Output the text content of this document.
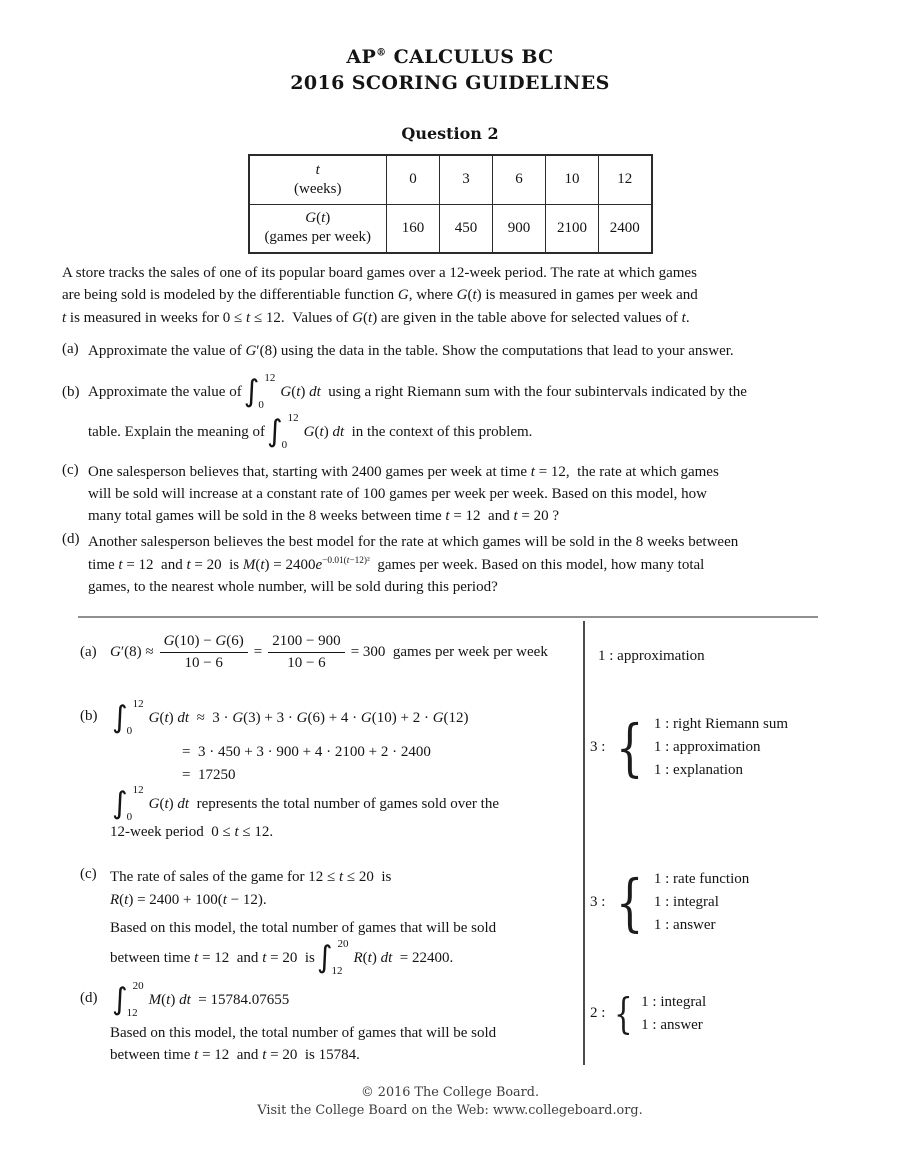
AP® CALCULUS BC
2016 SCORING GUIDELINES
Question 2
t
(weeks)	0	3	6	10	12

G(t)
(games per week)	160	450	900	2100	2400
A store tracks the sales of one of its popular board games over a 12-week period. The rate at which games
are being sold is modeled by the differentiable function G, where G(t) is measured in games per week and
t is measured in weeks for 0 ≤ t ≤ 12. Values of G(t) are given in the table above for selected values of t.
(a) Approximate the value of G′(8) using the data in the table. Show the computations that lead to your answer.
(b) Approximate the value of ∫ 12
0
G(t) dt using a right Riemann sum with the four subintervals indicated by the
table. Explain the meaning of ∫ 12
0
G(t) dt in the context of this problem.
(c) One salesperson believes that, starting with 2400 games per week at time t = 12, the rate at which games
will be sold will increase at a constant rate of 100 games per week per week. Based on this model, how
many total games will be sold in the 8 weeks between time t = 12 and t = 20 ?
(d) Another salesperson believes the best model for the rate at which games will be sold in the 8 weeks between
time t = 12 and t = 20 is $M(t) = 2400e^{-0.01(t-12)^2}$ games per week. Based on this model, how many total
games, to the nearest whole number, will be sold during this period?
(a) $G'(8) \approx \frac{G(10) - G(6)}{10 - 6} = \frac{2100 - 900}{10 - 6} = 300$ games per week per week
(b) ∫ 12
0
G(t) dt ≈ 3 · G(3) + 3 · G(6) + 4 · G(10) + 2 · G(12)
= 3 · 450 + 3 · 900 + 4 · 2100 + 2 · 2400
= 17250
∫ 12
0
G(t) dt represents the total number of games sold over the
12-week period 0 ≤ t ≤ 12.
(c) The rate of sales of the game for 12 ≤ t ≤ 20 is
R(t) = 2400 + 100(t − 12).
Based on this model, the total number of games that will be sold
between time t = 12 and t = 20 is ∫ 20
12
R(t) dt = 22400.
(d) ∫ 20
12
M(t) dt = 15784.07655
Based on this model, the total number of games that will be sold
between time t = 12 and t = 20 is 15784.
1 : approximation
3 : { 1 : right Riemann sum
1 : approximation
1 : explanation
3 : { 1 : rate function
1 : integral
1 : answer
2 : { 1 : integral
1 : answer
© 2016 The College Board.
Visit the College Board on the Web: www.collegeboard.org.
